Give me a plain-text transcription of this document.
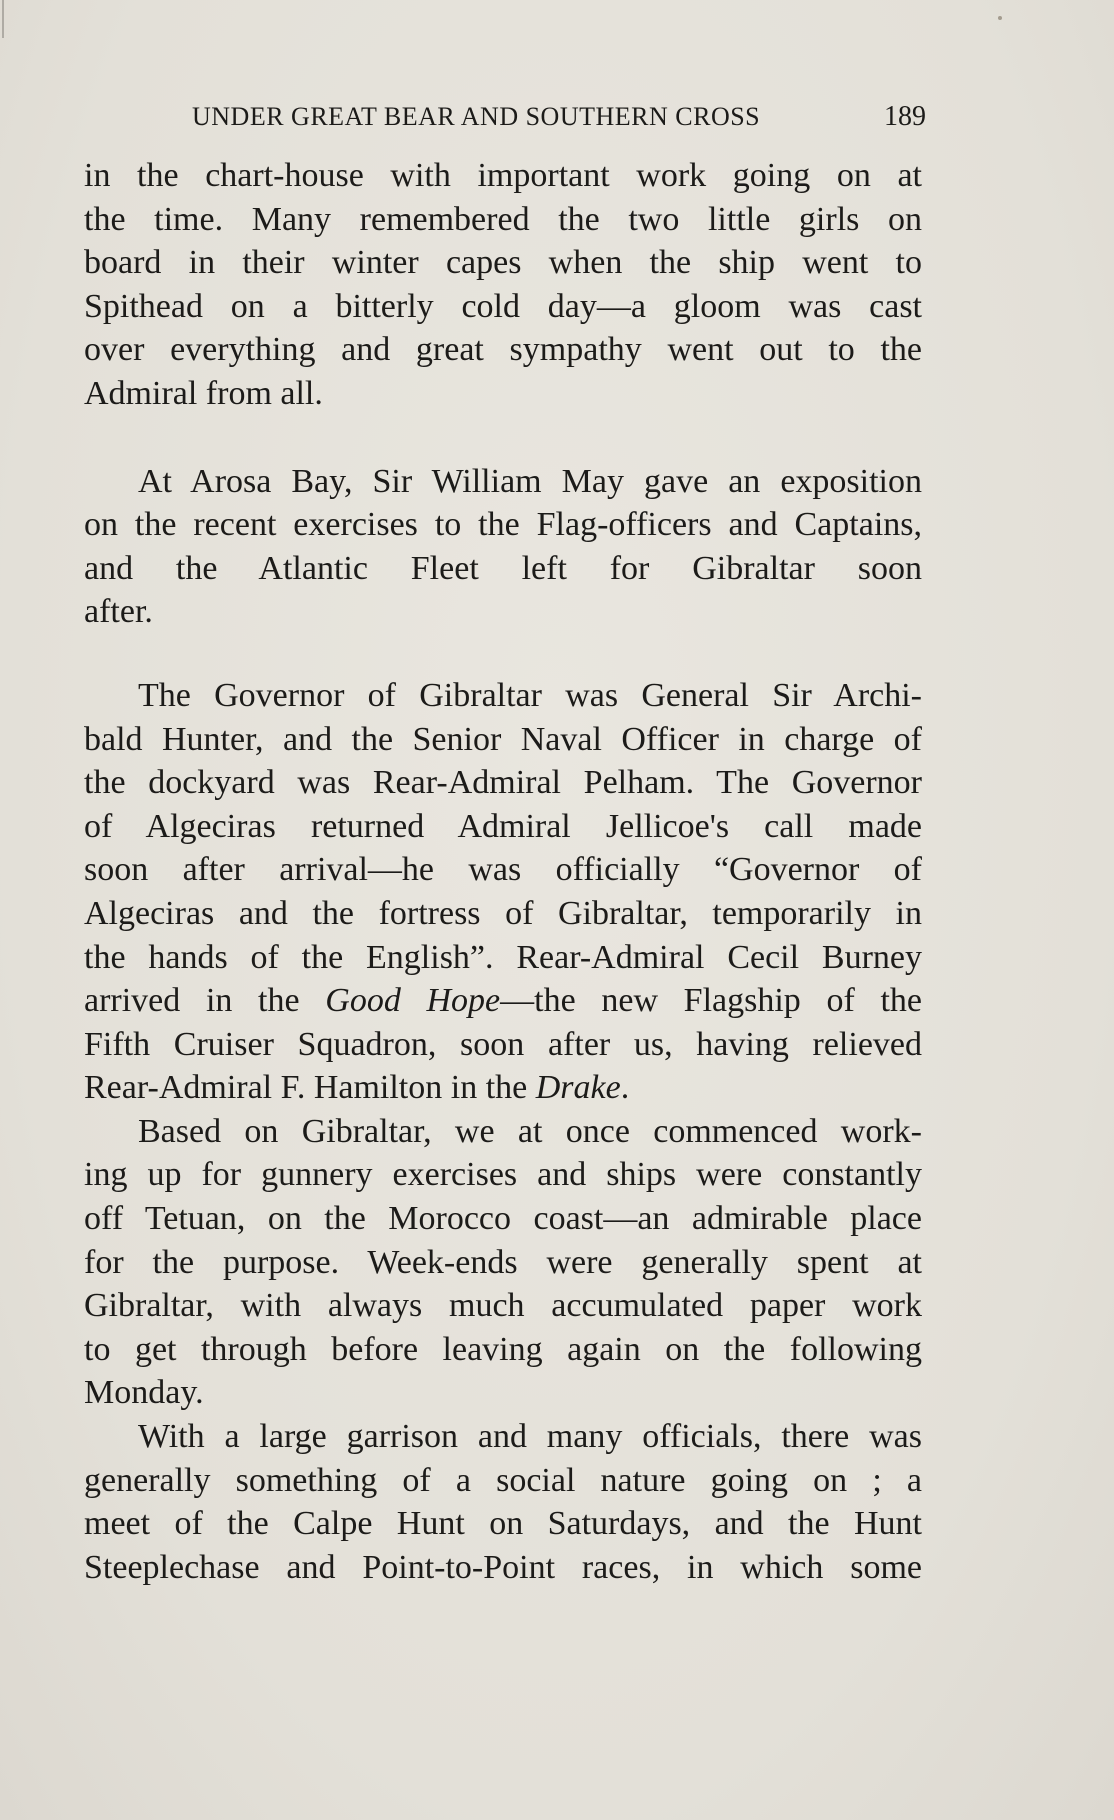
UNDER GREAT BEAR AND SOUTHERN CROSS	189
in the chart-house with important work going on at
the time. Many remembered the two little girls on
board in their winter capes when the ship went to
Spithead on a bitterly cold day—a gloom was cast
over everything and great sympathy went out to the
Admiral from all.
At Arosa Bay, Sir William May gave an exposition
on the recent exercises to the Flag-officers and Captains,
and the Atlantic Fleet left for Gibraltar soon
after.
The Governor of Gibraltar was General Sir Archi-
bald Hunter, and the Senior Naval Officer in charge of
the dockyard was Rear-Admiral Pelham. The Governor
of Algeciras returned Admiral Jellicoe's call made
soon after arrival—he was officially “Governor of
Algeciras and the fortress of Gibraltar, temporarily in
the hands of the English”. Rear-Admiral Cecil Burney
arrived in the Good Hope—the new Flagship of the
Fifth Cruiser Squadron, soon after us, having relieved
Rear-Admiral F. Hamilton in the Drake.
Based on Gibraltar, we at once commenced work-
ing up for gunnery exercises and ships were constantly
off Tetuan, on the Morocco coast—an admirable place
for the purpose. Week-ends were generally spent at
Gibraltar, with always much accumulated paper work
to get through before leaving again on the following
Monday.
With a large garrison and many officials, there was
generally something of a social nature going on ; a
meet of the Calpe Hunt on Saturdays, and the Hunt
Steeplechase and Point-to-Point races, in which some
